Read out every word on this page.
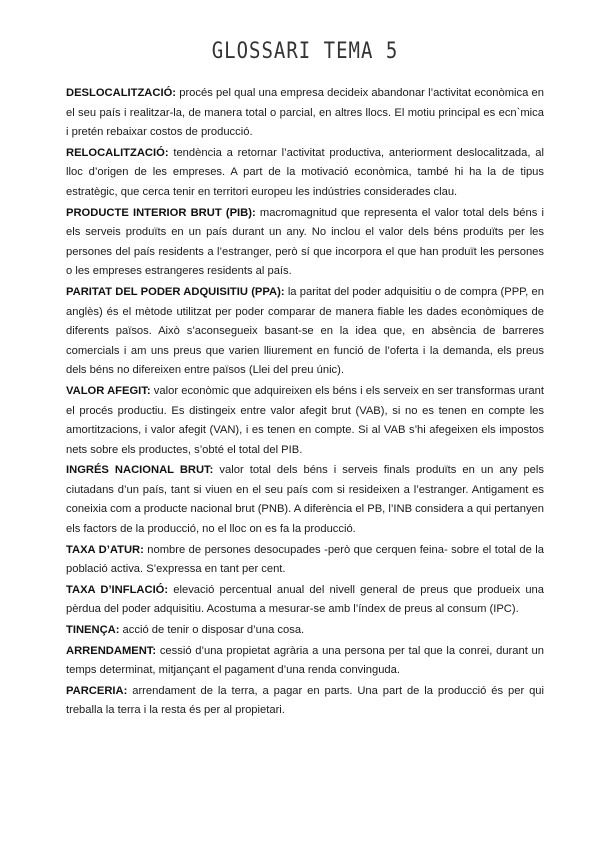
GLOSSARI TEMA 5

DESLOCALITZACIÓ: procés pel qual una empresa decideix abandonar l’activitat econòmica en el seu país i realitzar-la, de manera total o parcial, en altres llocs. El motiu principal es ecn`mica i pretén rebaixar costos de producció.

RELOCALITZACIÓ: tendència a retornar l’activitat productiva, anteriorment deslocalitzada, al lloc d’origen de les empreses. A part de la motivació econòmica, també hi ha la de tipus estratègic, que cerca tenir en territori europeu les indústries considerades clau.

PRODUCTE INTERIOR BRUT (PIB): macromagnitud que representa el valor total dels béns i els serveis produïts en un país durant un any. No inclou el valor dels béns produïts per les persones del país residents a l’estranger, però sí que incorpora el que han produït les persones o les empreses estrangeres residents al país.

PARITAT DEL PODER ADQUISITIU (PPA): la paritat del poder adquisitiu o de compra (PPP, en anglès) és el mètode utilitzat per poder comparar de manera fiable les dades econòmiques de diferents països. Això s’aconsegueix basant-se en la idea que, en absència de barreres comercials i am uns preus que varien lliurement en funció de l’oferta i la demanda, els preus dels béns no difereixen entre països (Llei del preu únic).

VALOR AFEGIT: valor econòmic que adquireixen els béns i els serveix en ser transformas urant el procés productiu. Es distingeix entre valor afegit brut (VAB), si no es tenen en compte les amortitzacions, i valor afegit (VAN), i es tenen en compte. Si al VAB s’hi afegeixen els impostos nets sobre els productes, s’obté el total del PIB.

INGRÉS NACIONAL BRUT: valor total dels béns i serveis finals produïts en un any pels ciutadans d’un país, tant si viuen en el seu país com si resideixen a l’estranger. Antigament es coneixia com a producte nacional brut (PNB). A diferència el PB, l’INB considera a qui pertanyen els factors de la producció, no el lloc on es fa la producció.

TAXA D’ATUR: nombre de persones desocupades -però que cerquen feina- sobre el total de la població activa. S’expressa en tant per cent.

TAXA D’INFLACIÓ: elevació percentual anual del nivell general de preus que produeix una pèrdua del poder adquisitiu. Acostuma a mesurar-se amb l’índex de preus al consum (IPC).

TINENÇA: acció de tenir o disposar d’una cosa.

ARRENDAMENT: cessió d’una propietat agrària a una persona per tal que la conrei, durant un temps determinat, mitjançant el pagament d’una renda convinguda.

PARCERIA: arrendament de la terra, a pagar en parts. Una part de la producció és per qui treballa la terra i la resta és per al propietari.
